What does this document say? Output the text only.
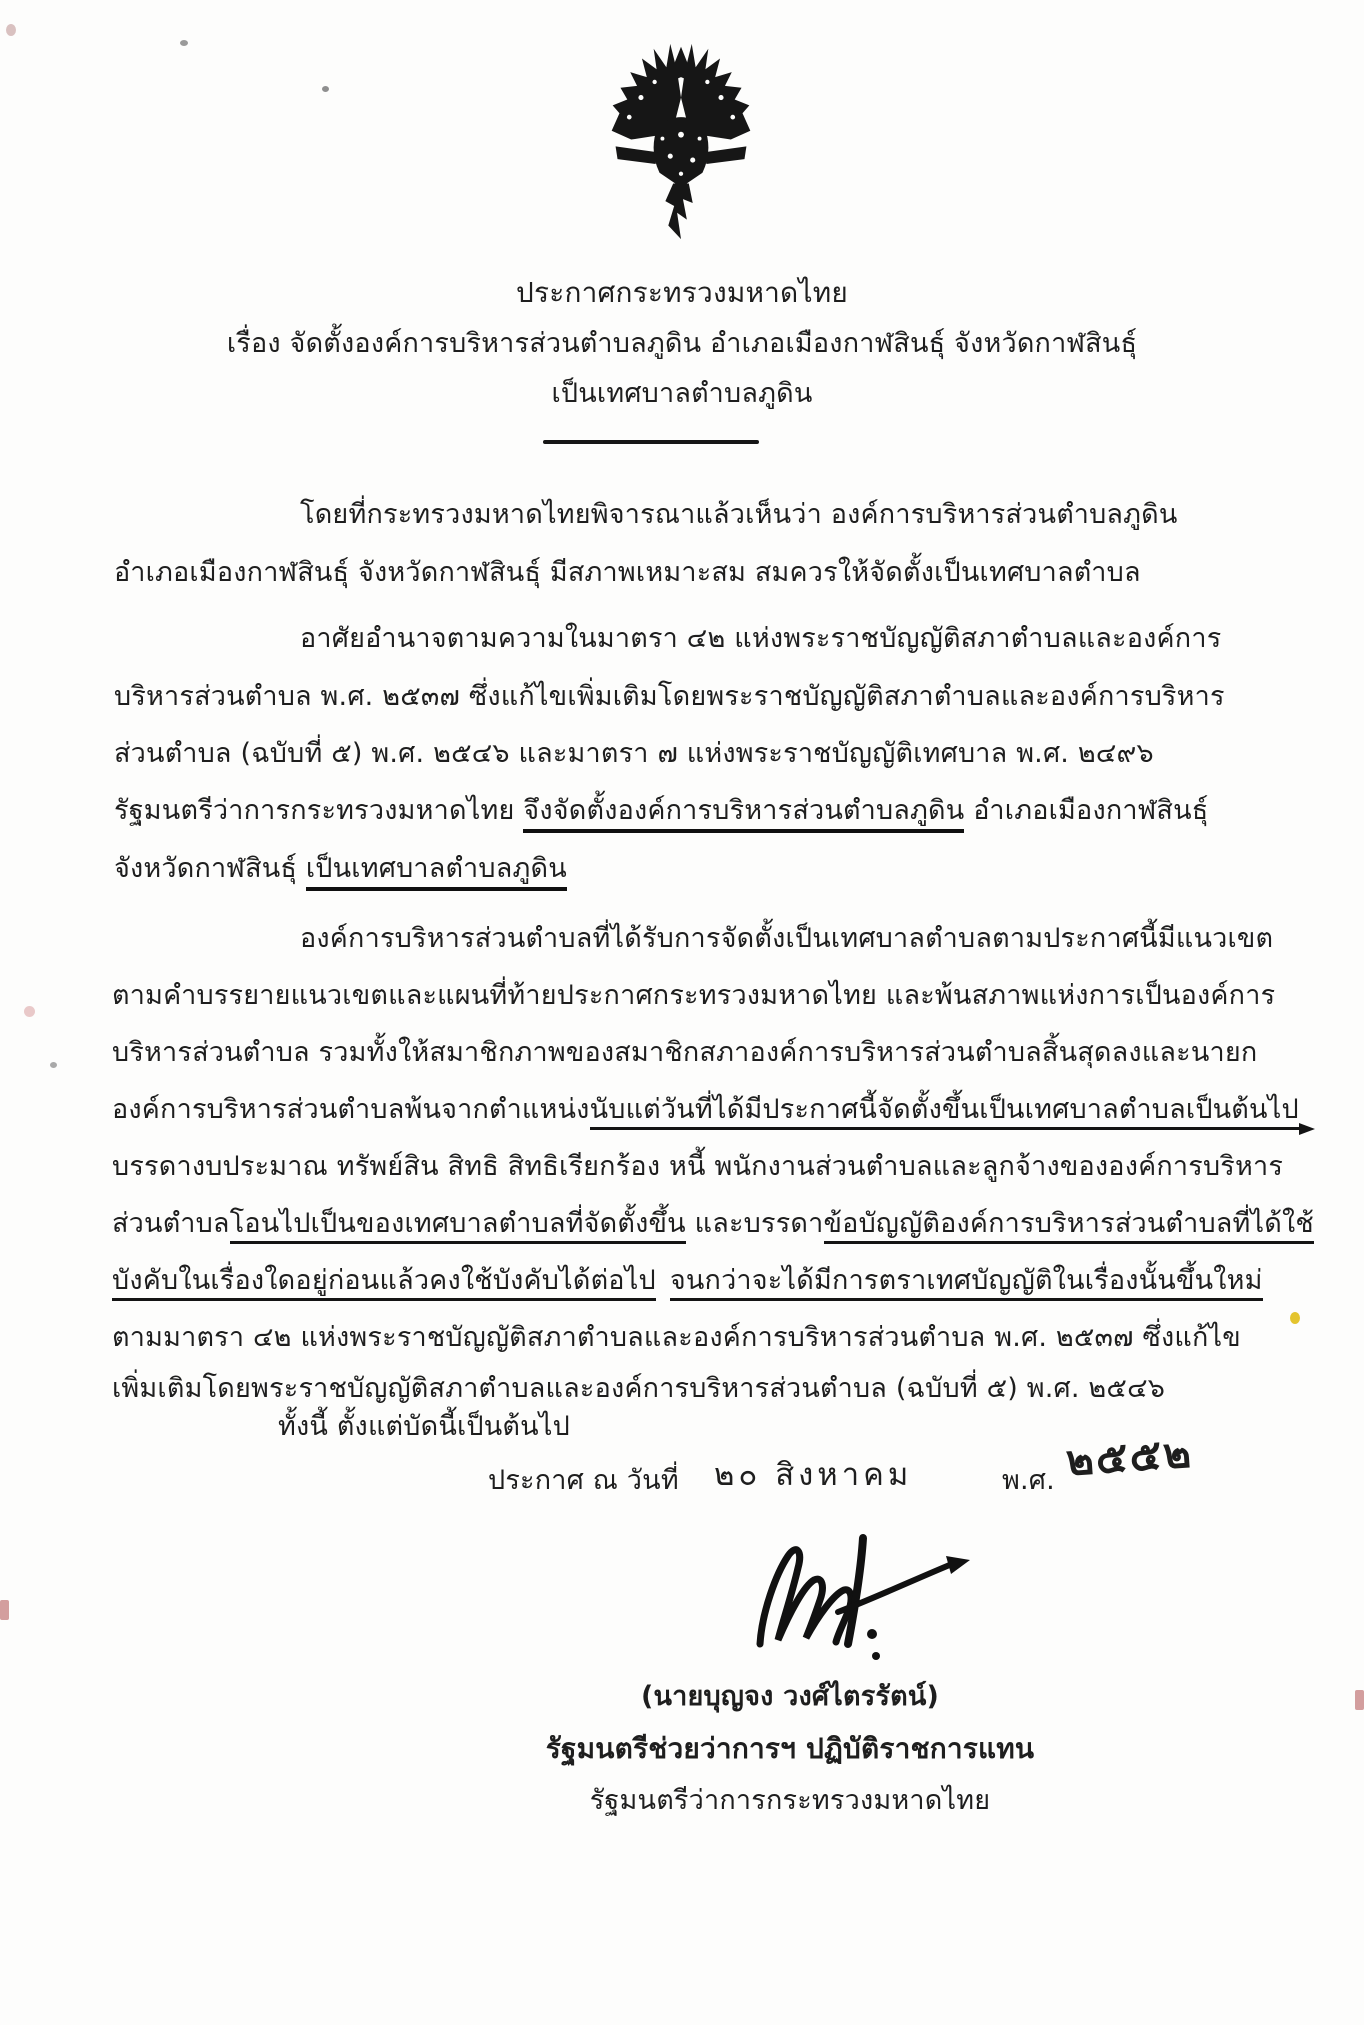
ประกาศกระทรวงมหาดไทย
เรื่อง จัดตั้งองค์การบริหารส่วนตำบลภูดิน อำเภอเมืองกาฬสินธุ์ จังหวัดกาฬสินธุ์
เป็นเทศบาลตำบลภูดิน
โดยที่กระทรวงมหาดไทยพิจารณาแล้วเห็นว่า องค์การบริหารส่วนตำบลภูดิน
อำเภอเมืองกาฬสินธุ์ จังหวัดกาฬสินธุ์ มีสภาพเหมาะสม สมควรให้จัดตั้งเป็นเทศบาลตำบล
อาศัยอำนาจตามความในมาตรา ๔๒ แห่งพระราชบัญญัติสภาตำบลและองค์การ
บริหารส่วนตำบล พ.ศ. ๒๕๓๗ ซึ่งแก้ไขเพิ่มเติมโดยพระราชบัญญัติสภาตำบลและองค์การบริหาร
ส่วนตำบล (ฉบับที่ ๕) พ.ศ. ๒๕๔๖ และมาตรา ๗ แห่งพระราชบัญญัติเทศบาล พ.ศ. ๒๔๙๖
รัฐมนตรีว่าการกระทรวงมหาดไทย จึงจัดตั้งองค์การบริหารส่วนตำบลภูดิน อำเภอเมืองกาฬสินธุ์
จังหวัดกาฬสินธุ์ เป็นเทศบาลตำบลภูดิน
องค์การบริหารส่วนตำบลที่ได้รับการจัดตั้งเป็นเทศบาลตำบลตามประกาศนี้มีแนวเขต
ตามคำบรรยายแนวเขตและแผนที่ท้ายประกาศกระทรวงมหาดไทย และพ้นสภาพแห่งการเป็นองค์การ
บริหารส่วนตำบล รวมทั้งให้สมาชิกภาพของสมาชิกสภาองค์การบริหารส่วนตำบลสิ้นสุดลงและนายก
องค์การบริหารส่วนตำบลพ้นจากตำแหน่งนับแต่วันที่ได้มีประกาศนี้จัดตั้งขึ้นเป็นเทศบาลตำบลเป็นต้นไป
บรรดางบประมาณ ทรัพย์สิน สิทธิ สิทธิเรียกร้อง หนี้ พนักงานส่วนตำบลและลูกจ้างขององค์การบริหาร
ส่วนตำบลโอนไปเป็นของเทศบาลตำบลที่จัดตั้งขึ้น และบรรดาข้อบัญญัติองค์การบริหารส่วนตำบลที่ได้ใช้
บังคับในเรื่องใดอยู่ก่อนแล้วคงใช้บังคับได้ต่อไป จนกว่าจะได้มีการตราเทศบัญญัติในเรื่องนั้นขึ้นใหม่
ตามมาตรา ๔๒ แห่งพระราชบัญญัติสภาตำบลและองค์การบริหารส่วนตำบล พ.ศ. ๒๕๓๗ ซึ่งแก้ไข
เพิ่มเติมโดยพระราชบัญญัติสภาตำบลและองค์การบริหารส่วนตำบล (ฉบับที่ ๕) พ.ศ. ๒๕๔๖
ทั้งนี้ ตั้งแต่บัดนี้เป็นต้นไป
ประกาศ ณ วันที่ ๒๐ สิงหาคม	พ.ศ. ๒๕๕๒
(นายบุญจง วงศ์ไตรรัตน์)
รัฐมนตรีช่วยว่าการฯ ปฏิบัติราชการแทน
รัฐมนตรีว่าการกระทรวงมหาดไทย
